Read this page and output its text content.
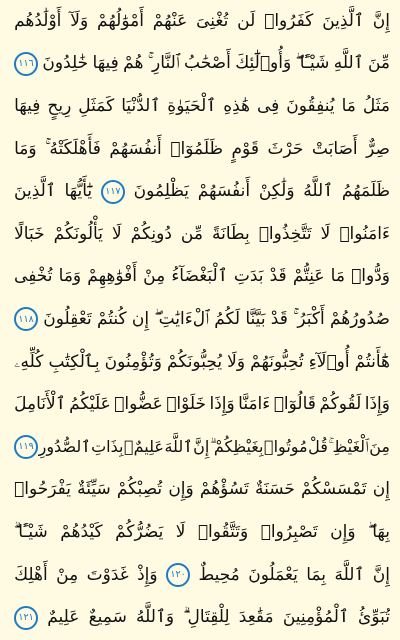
إِنَّ
ٱلَّذِينَ
كَفَرُوا۟
لَن
تُغْنِىَ
عَنْهُمْ
أَمْوَٰلُهُمْ
وَلَآ
أَوْلَٰدُهُم
مِّنَ
ٱللَّهِ
شَيْـًٔا ۖ
وَأُو۟لَٰٓئِكَ
أَصْحَٰبُ
ٱلنَّارِ ۚ
هُمْ
فِيهَا
خَٰلِدُونَ
١١٦
مَثَلُ
مَا
يُنفِقُونَ
فِى
هَٰذِهِ
ٱلْحَيَوٰةِ
ٱلدُّنْيَا
كَمَثَلِ
رِيحٍ
فِيهَا
صِرٌّ
أَصَابَتْ
حَرْثَ
قَوْمٍ
ظَلَمُوٓا۟
أَنفُسَهُمْ
فَأَهْلَكَتْهُ ۚ
وَمَا
ظَلَمَهُمُ
ٱللَّهُ
وَلَٰكِنْ
أَنفُسَهُمْ
يَظْلِمُونَ
١١٧
يَٰٓأَيُّهَا
ٱلَّذِينَ
ءَامَنُوا۟
لَا
تَتَّخِذُوا۟
بِطَانَةً
مِّن
دُونِكُمْ
لَا
يَأْلُونَكُمْ
خَبَالًا
وَدُّوا۟
مَا
عَنِتُّمْ
قَدْ
بَدَتِ
ٱلْبَغْضَآءُ
مِنْ
أَفْوَٰهِهِمْ
وَمَا
تُخْفِى
صُدُورُهُمْ
أَكْبَرُ ۚ
قَدْ
بَيَّنَّا
لَكُمُ
ٱلْءَايَٰتِ ۖ
إِن
كُنتُمْ
تَعْقِلُونَ
١١٨
هَٰٓأَنتُمْ
أُو۟لَآءِ
تُحِبُّونَهُمْ
وَلَا
يُحِبُّونَكُمْ
وَتُؤْمِنُونَ
بِٱلْكِتَٰبِ
كُلِّهِۦ
وَإِذَا
لَقُوكُمْ
قَالُوٓا۟
ءَامَنَّا
وَإِذَا
خَلَوْا۟
عَضُّوا۟
عَلَيْكُمُ
ٱلْأَنَامِلَ
مِنَ
ٱلْغَيْظِ ۚ
قُلْ
مُوتُوا۟
بِغَيْظِكُمْ ۗ
إِنَّ
ٱللَّهَ
عَلِيمٌۢ
بِذَاتِ
ٱلصُّدُورِ
١١٩
إِن
تَمْسَسْكُمْ
حَسَنَةٌ
تَسُؤْهُمْ
وَإِن
تُصِبْكُمْ
سَيِّئَةٌ
يَفْرَحُوا۟
بِهَا ۖ
وَإِن
تَصْبِرُوا۟
وَتَتَّقُوا۟
لَا
يَضُرُّكُمْ
كَيْدُهُمْ
شَيْـًٔا ۗ
إِنَّ
ٱللَّهَ
بِمَا
يَعْمَلُونَ
مُحِيطٌ
١٢٠
وَإِذْ
غَدَوْتَ
مِنْ
أَهْلِكَ
تُبَوِّئُ
ٱلْمُؤْمِنِينَ
مَقَٰعِدَ
لِلْقِتَالِ ۗ
وَٱللَّهُ
سَمِيعٌ
عَلِيمٌ
١٢١
